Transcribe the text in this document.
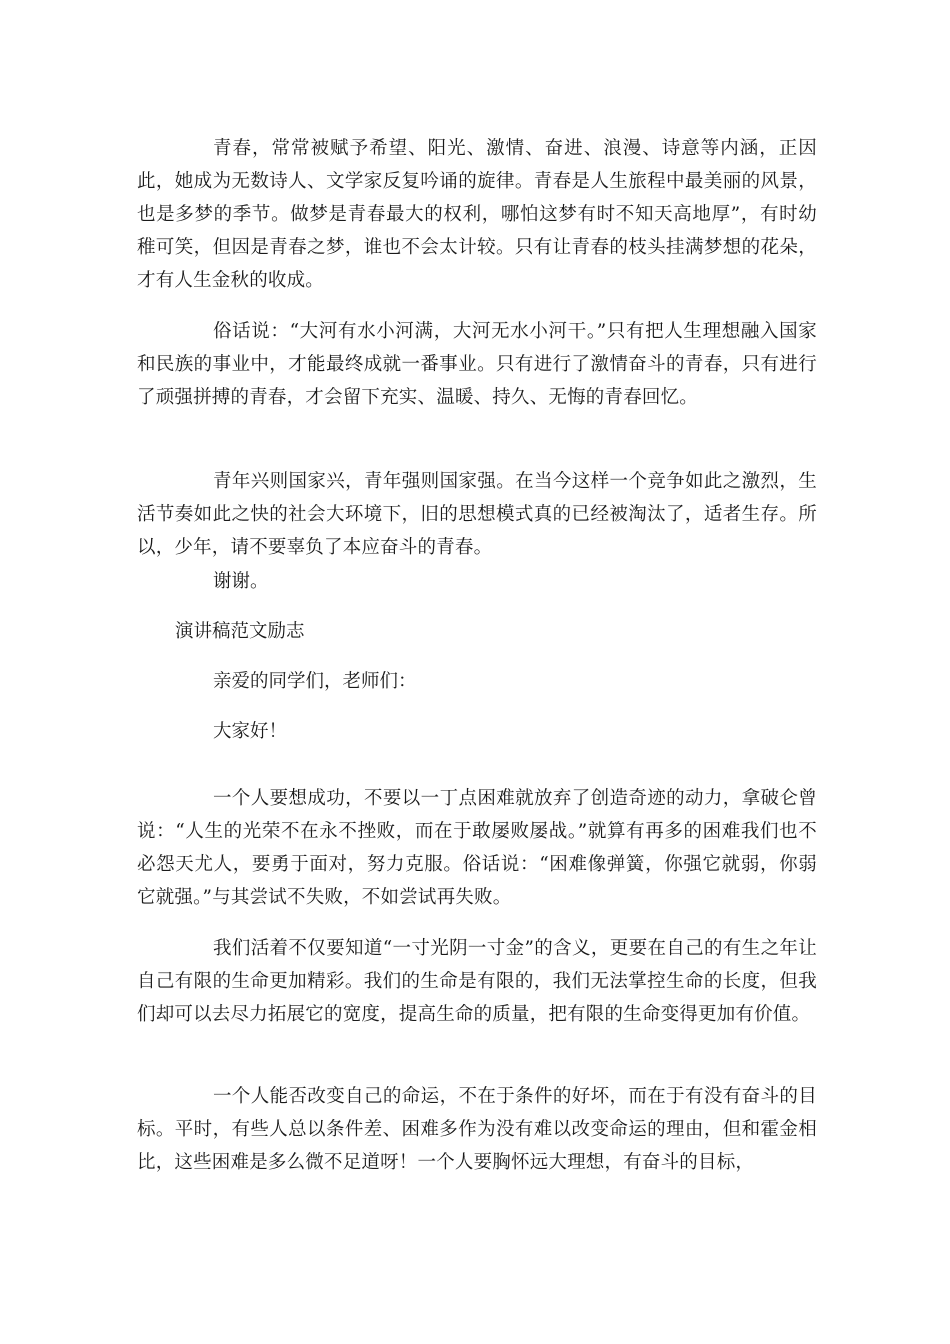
青春，常常被赋予希望、阳光、激情、奋进、浪漫、诗意等内涵，正因此，她成为无数诗人、文学家反复吟诵的旋律。青春是人生旅程中最美丽的风景，也是多梦的季节。做梦是青春最大的权利，哪怕这梦有时不知天高地厚”，有时幼稚可笑，但因是青春之梦，谁也不会太计较。只有让青春的枝头挂满梦想的花朵，才有人生金秋的收成。

俗话说：“大河有水小河满，大河无水小河干。”只有把人生理想融入国家和民族的事业中，才能最终成就一番事业。只有进行了激情奋斗的青春，只有进行了顽强拼搏的青春，才会留下充实、温暖、持久、无悔的青春回忆。

青年兴则国家兴，青年强则国家强。在当今这样一个竞争如此之激烈，生活节奏如此之快的社会大环境下，旧的思想模式真的已经被淘汰了，适者生存。所以，少年，请不要辜负了本应奋斗的青春。

谢谢。

演讲稿范文励志

亲爱的同学们，老师们：

大家好！

一个人要想成功，不要以一丁点困难就放弃了创造奇迹的动力，拿破仑曾说：“人生的光荣不在永不挫败，而在于敢屡败屡战。”就算有再多的困难我们也不必怨天尤人，要勇于面对，努力克服。俗话说：“困难像弹簧，你强它就弱，你弱它就强。”与其尝试不失败，不如尝试再失败。

我们活着不仅要知道“一寸光阴一寸金”的含义，更要在自己的有生之年让自己有限的生命更加精彩。我们的生命是有限的，我们无法掌控生命的长度，但我们却可以去尽力拓展它的宽度，提高生命的质量，把有限的生命变得更加有价值。

一个人能否改变自己的命运，不在于条件的好坏，而在于有没有奋斗的目标。平时，有些人总以条件差、困难多作为没有难以改变命运的理由，但和霍金相比，这些困难是多么微不足道呀！一个人要胸怀远大理想，有奋斗的目标，
